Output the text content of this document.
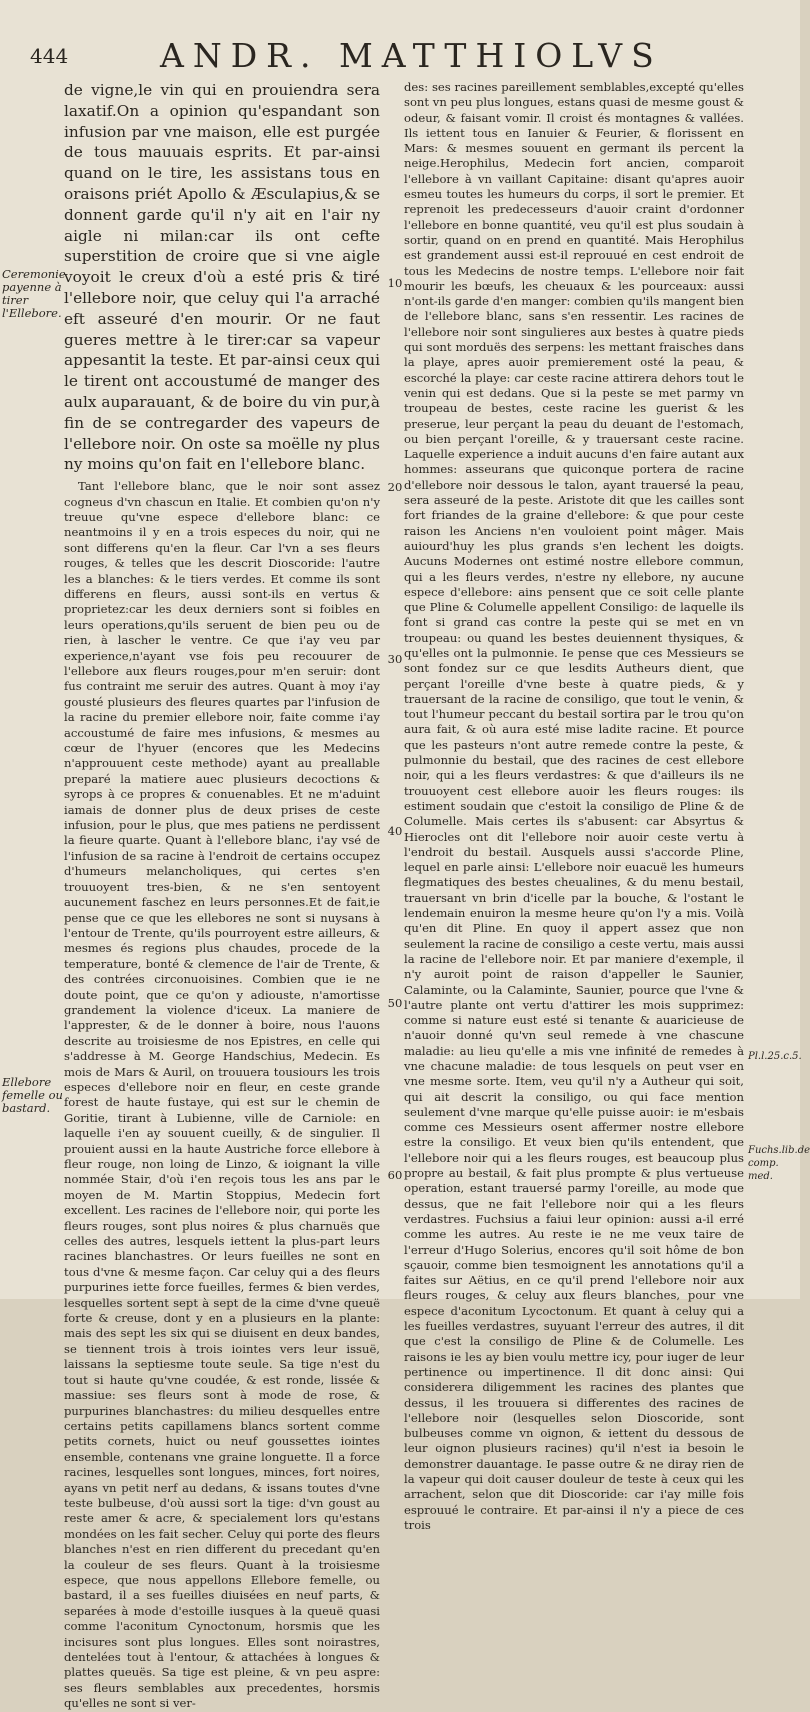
444	ANDR. MATTHIOLVS
Ceremonie payenne à tirer l'Ellebore.
Ellebore femelle ou bastard.
Pl.l.25.c.5.
Fuchs.lib.de comp. med.
10
20
30
40
50
60

de vigne,le vin qui en prouiendra sera laxatif.On a opinion qu'espandant son infusion par vne maison, elle est purgée de tous mauuais esprits. Et par-ainsi quand on le tire, les assistans tous en oraisons priét Apollo & Æsculapius,& se donnent garde qu'il n'y ait en l'air ny aigle ni milan:car ils ont cefte superstition de croire que si vne aigle voyoit le creux d'où a esté pris & tiré l'ellebore noir, que celuy qui l'a arraché eft asseuré d'en mourir. Or ne faut gueres mettre à le tirer:car sa vapeur appesantit la teste. Et par-ainsi ceux qui le tirent ont accoustumé de manger des aulx auparauant, & de boire du vin pur,à fin de se contregarder des vapeurs de l'ellebore noir. On oste sa moëlle ny plus ny moins qu'on fait en l'ellebore blanc.

Tant l'ellebore blanc, que le noir sont assez cogneus d'vn chascun en Italie. Et combien qu'on n'y treuue qu'vne espece d'ellebore blanc: ce neantmoins il y en a trois especes du noir, qui ne sont differens qu'en la fleur. Car l'vn a ses fleurs rouges, & telles que les descrit Dioscoride: l'autre les a blanches: & le tiers verdes. Et comme ils sont differens en fleurs, aussi sont-ils en vertus & proprietez:car les deux derniers sont si foibles en leurs operations,qu'ils seruent de bien peu ou de rien, à lascher le ventre. Ce que i'ay veu par experience,n'ayant vse fois peu recouurer de l'ellebore aux fleurs rouges,pour m'en seruir: dont fus contraint me seruir des autres. Quant à moy i'ay gousté plusieurs des fleures quartes par l'infusion de la racine du premier ellebore noir, faite comme i'ay accoustumé de faire mes infusions, & mesmes au cœur de l'hyuer (encores que les Medecins n'approuuent ceste methode) ayant au preallable preparé la matiere auec plusieurs decoctions & syrops à ce propres & conuenables. Et ne m'aduint iamais de donner plus de deux prises de ceste infusion, pour le plus, que mes patiens ne perdissent la fieure quarte. Quant à l'ellebore blanc, i'ay vsé de l'infusion de sa racine à l'endroit de certains occupez d'humeurs melancholiques, qui certes s'en trouuoyent tres-bien, & ne s'en sentoyent aucunement faschez en leurs personnes.Et de fait,ie pense que ce que les ellebores ne sont si nuysans à l'entour de Trente, qu'ils pourroyent estre ailleurs, & mesmes és regions plus chaudes, procede de la temperature, bonté & clemence de l'air de Trente, & des contrées circonuoisines. Combien que ie ne doute point, que ce qu'on y adiouste, n'amortisse grandement la violence d'iceux. La maniere de l'apprester, & de le donner à boire, nous l'auons descrite au troisiesme de nos Epistres, en celle qui s'addresse à M. George Handschius, Medecin. Es mois de Mars & Auril, on trouuera tousiours les trois especes d'ellebore noir en fleur, en ceste grande forest de haute fustaye, qui est sur le chemin de Goritie, tirant à Lubienne, ville de Carniole: en laquelle i'en ay souuent cueilly, & de singulier. Il prouient aussi en la haute Austriche force ellebore à fleur rouge, non loing de Linzo, & ioignant la ville nommée Stair, d'où i'en reçois tous les ans par le moyen de M. Martin Stoppius, Medecin fort excellent. Les racines de l'ellebore noir, qui porte les fleurs rouges, sont plus noires & plus charnuës que celles des autres, lesquels iettent la plus-part leurs racines blanchastres. Or leurs fueilles ne sont en tous d'vne & mesme façon. Car celuy qui a des fleurs purpurines iette force fueilles, fermes & bien verdes, lesquelles sortent sept à sept de la cime d'vne queuë forte & creuse, dont y en a plusieurs en la plante: mais des sept les six qui se diuisent en deux bandes, se tiennent trois à trois iointes vers leur issuë, laissans la septiesme toute seule. Sa tige n'est du tout si haute qu'vne coudée, & est ronde, lissée & massiue: ses fleurs sont à mode de rose, & purpurines blanchastres: du milieu desquelles entre certains petits capillamens blancs sortent comme petits cornets, huict ou neuf goussettes iointes ensemble, contenans vne graine longuette. Il a force racines, lesquelles sont longues, minces, fort noires, ayans vn petit nerf au dedans, & issans toutes d'vne teste bulbeuse, d'où aussi sort la tige: d'vn goust au reste amer & acre, & specialement lors qu'estans mondées on les fait secher. Celuy qui porte des fleurs blanches n'est en rien different du precedant qu'en la couleur de ses fleurs. Quant à la troisiesme espece, que nous appellons Ellebore femelle, ou bastard, il a ses fueilles diuisées en neuf parts, & separées à mode d'estoille iusques à la queuë quasi comme l'aconitum Cynoctonum, horsmis que les incisures sont plus longues. Elles sont noirastres, dentelées tout à l'entour, & attachées à longues & plattes queuës. Sa tige est pleine, & vn peu aspre: ses fleurs semblables aux precedentes, horsmis qu'elles ne sont si ver-

des: ses racines pareillement semblables,excepté qu'elles sont vn peu plus longues, estans quasi de mesme goust & odeur, & faisant vomir. Il croist és montagnes & vallées. Ils iettent tous en Ianuier & Feurier, & florissent en Mars: & mesmes souuent en germant ils percent la neige.Herophilus, Medecin fort ancien, comparoit l'ellebore à vn vaillant Capitaine: disant qu'apres auoir esmeu toutes les humeurs du corps, il sort le premier. Et reprenoit les predecesseurs d'auoir craint d'ordonner l'ellebore en bonne quantité, veu qu'il est plus soudain à sortir, quand on en prend en quantité. Mais Herophilus est grandement aussi est-il reprouué en cest endroit de tous les Medecins de nostre temps. L'ellebore noir fait mourir les bœufs, les cheuaux & les pourceaux: aussi n'ont-ils garde d'en manger: combien qu'ils mangent bien de l'ellebore blanc, sans s'en ressentir. Les racines de l'ellebore noir sont singulieres aux bestes à quatre pieds qui sont morduës des serpens: les mettant fraisches dans la playe, apres auoir premierement osté la peau, & escorché la playe: car ceste racine attirera dehors tout le venin qui est dedans. Que si la peste se met parmy vn troupeau de bestes, ceste racine les guerist & les preserue, leur perçant la peau du deuant de l'estomach, ou bien perçant l'oreille, & y trauersant ceste racine. Laquelle experience a induit aucuns d'en faire autant aux hommes: asseurans que quiconque portera de racine d'ellebore noir dessous le talon, ayant trauersé la peau, sera asseuré de la peste. Aristote dit que les cailles sont fort friandes de la graine d'ellebore: & que pour ceste raison les Anciens n'en vouloient point mâger. Mais auiourd'huy les plus grands s'en lechent les doigts. Aucuns Modernes ont estimé nostre ellebore commun, qui a les fleurs verdes, n'estre ny ellebore, ny aucune espece d'ellebore: ains pensent que ce soit celle plante que Pline & Columelle appellent Consiligo: de laquelle ils font si grand cas contre la peste qui se met en vn troupeau: ou quand les bestes deuiennent thysiques, & qu'elles ont la pulmonnie. Ie pense que ces Messieurs se sont fondez sur ce que lesdits Autheurs dient, que perçant l'oreille d'vne beste à quatre pieds, & y trauersant de la racine de consiligo, que tout le venin, & tout l'humeur peccant du bestail sortira par le trou qu'on aura fait, & où aura esté mise ladite racine. Et pource que les pasteurs n'ont autre remede contre la peste, & pulmonnie du bestail, que des racines de cest ellebore noir, qui a les fleurs verdastres: & que d'ailleurs ils ne trouuoyent cest ellebore auoir les fleurs rouges: ils estiment soudain que c'estoit la consiligo de Pline & de Columelle. Mais certes ils s'abusent: car Absyrtus & Hierocles ont dit l'ellebore noir auoir ceste vertu à l'endroit du bestail. Ausquels aussi s'accorde Pline, lequel en parle ainsi: L'ellebore noir euacuë les humeurs flegmatiques des bestes cheualines, & du menu bestail, trauersant vn brin d'icelle par la bouche, & l'ostant le lendemain enuiron la mesme heure qu'on l'y a mis. Voilà qu'en dit Pline. En quoy il appert assez que non seulement la racine de consiligo a ceste vertu, mais aussi la racine de l'ellebore noir. Et par maniere d'exemple, il n'y auroit point de raison d'appeller le Saunier, Calaminte, ou la Calaminte, Saunier, pource que l'vne & l'autre plante ont vertu d'attirer les mois supprimez: comme si nature eust esté si tenante & auaricieuse de n'auoir donné qu'vn seul remede à vne chascune maladie: au lieu qu'elle a mis vne infinité de remedes à vne chacune maladie: de tous lesquels on peut vser en vne mesme sorte. Item, veu qu'il n'y a Autheur qui soit, qui ait descrit la consiligo, ou qui face mention seulement d'vne marque qu'elle puisse auoir: ie m'esbais comme ces Messieurs osent affermer nostre ellebore estre la consiligo. Et veux bien qu'ils entendent, que l'ellebore noir qui a les fleurs rouges, est beaucoup plus propre au bestail, & fait plus prompte & plus vertueuse operation, estant trauersé parmy l'oreille, au mode que dessus, que ne fait l'ellebore noir qui a les fleurs verdastres. Fuchsius a faiui leur opinion: aussi a-il erré comme les autres. Au reste ie ne me veux taire de l'erreur d'Hugo Solerius, encores qu'il soit hôme de bon sçauoir, comme bien tesmoignent les annotations qu'il a faites sur Aëtius, en ce qu'il prend l'ellebore noir aux fleurs rouges, & celuy aux fleurs blanches, pour vne espece d'aconitum Lycoctonum. Et quant à celuy qui a les fueilles verdastres, suyuant l'erreur des autres, il dit que c'est la consiligo de Pline & de Columelle. Les raisons ie les ay bien voulu mettre icy, pour iuger de leur pertinence ou impertinence. Il dit donc ainsi: Qui considerera diligemment les racines des plantes que dessus, il les trouuera si differentes des racines de l'ellebore noir (lesquelles selon Dioscoride, sont bulbeuses comme vn oignon, & iettent du dessous de leur oignon plusieurs racines) qu'il n'est ia besoin le demonstrer dauantage. Ie passe outre & ne diray rien de la vapeur qui doit causer douleur de teste à ceux qui les arrachent, selon que dit Dioscoride: car i'ay mille fois esprouué le contraire. Et par-ainsi il n'y a piece de ces trois
